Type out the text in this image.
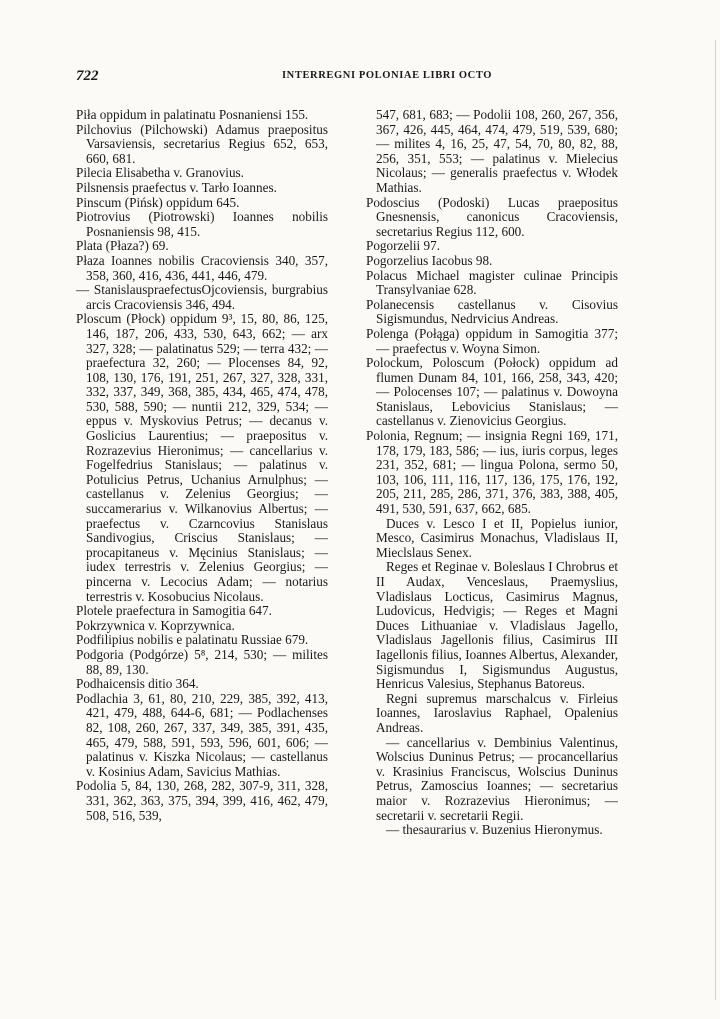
722	INTERREGNI POLONIAE LIBRI OCTO

Piła oppidum in palatinatu Posnaniensi 155.

Pilchovius (Pilchowski) Adamus praepositus Varsaviensis, secretarius Regius 652, 653, 660, 681.

Pilecia Elisabetha v. Granovius.

Pilsnensis praefectus v. Tarło Ioannes.

Pinscum (Pińsk) oppidum 645.

Piotrovius (Piotrowski) Ioannes nobilis Posnaniensis 98, 415.

Plata (Płaza?) 69.

Płaza Ioannes nobilis Cracoviensis 340, 357, 358, 360, 416, 436, 441, 446, 479.

— StanislauspraefectusOjcoviensis, burgrabius arcis Cracoviensis 346, 494.

Ploscum (Płock) oppidum 9³, 15, 80, 86, 125, 146, 187, 206, 433, 530, 643, 662; — arx 327, 328; — palatinatus 529; — terra 432; — praefectura 32, 260; — Plocenses 84, 92, 108, 130, 176, 191, 251, 267, 327, 328, 331, 332, 337, 349, 368, 385, 434, 465, 474, 478, 530, 588, 590; — nuntii 212, 329, 534; — eppus v. Myskovius Petrus; — decanus v. Goslicius Laurentius; — praepositus v. Rozrazevius Hieronimus; — cancellarius v. Fogelfedrius Stanislaus; — palatinus v. Potulicius Petrus, Uchanius Arnulphus; — castellanus v. Zelenius Georgius; — succamerarius v. Wilkanovius Albertus; — praefectus v. Czarncovius Stanislaus Sandivogius, Criscius Stanislaus; — procapitaneus v. Męcinius Stanislaus; — iudex terrestris v. Zelenius Georgius; — pincerna v. Lecocius Adam; — notarius terrestris v. Kosobucius Nicolaus.

Plotele praefectura in Samogitia 647.

Pokrzywnica v. Koprzywnica.

Podfilipius nobilis e palatinatu Russiae 679.

Podgoria (Podgórze) 5⁸, 214, 530; — milites 88, 89, 130.

Podhaicensis ditio 364.

Podlachia 3, 61, 80, 210, 229, 385, 392, 413, 421, 479, 488, 644-6, 681; — Podlachenses 82, 108, 260, 267, 337, 349, 385, 391, 435, 465, 479, 588, 591, 593, 596, 601, 606; — palatinus v. Kiszka Nicolaus; — castellanus v. Kosinius Adam, Savicius Mathias.

Podolia 5, 84, 130, 268, 282, 307-9, 311, 328, 331, 362, 363, 375, 394, 399, 416, 462, 479, 508, 516, 539,

547, 681, 683; — Podolii 108, 260, 267, 356, 367, 426, 445, 464, 474, 479, 519, 539, 680; — milites 4, 16, 25, 47, 54, 70, 80, 82, 88, 256, 351, 553; — palatinus v. Mielecius Nicolaus; — generalis praefectus v. Włodek Mathias.

Podoscius (Podoski) Lucas praepositus Gnesnensis, canonicus Cracoviensis, secretarius Regius 112, 600.

Pogorzelii 97.

Pogorzelius Iacobus 98.

Polacus Michael magister culinae Principis Transylvaniae 628.

Polanecensis castellanus v. Cisovius Sigismundus, Nedrvicius Andreas.

Polenga (Połąga) oppidum in Samogitia 377; — praefectus v. Woyna Simon.

Polockum, Poloscum (Połock) oppidum ad flumen Dunam 84, 101, 166, 258, 343, 420; — Polocenses 107; — palatinus v. Dowoyna Stanislaus, Lebovicius Stanislaus; — castellanus v. Zienovicius Georgius.

Polonia, Regnum; — insignia Regni 169, 171, 178, 179, 183, 586; — ius, iuris corpus, leges 231, 352, 681; — lingua Polona, sermo 50, 103, 106, 111, 116, 117, 136, 175, 176, 192, 205, 211, 285, 286, 371, 376, 383, 388, 405, 491, 530, 591, 637, 662, 685.

Duces v. Lesco I et II, Popielus iunior, Mesco, Casimirus Monachus, Vladislaus II, Mieclslaus Senex.

Reges et Reginae v. Boleslaus I Chrobrus et II Audax, Venceslaus, Praemyslius, Vladislaus Locticus, Casimirus Magnus, Ludovicus, Hedvigis; — Reges et Magni Duces Lithuaniae v. Vladislaus Jagello, Vladislaus Jagellonis filius, Casimirus III Iagellonis filius, Ioannes Albertus, Alexander, Sigismundus I, Sigismundus Augustus, Henricus Valesius, Stephanus Batoreus.

Regni supremus marschalcus v. Firleius Ioannes, Iaroslavius Raphael, Opalenius Andreas.

— cancellarius v. Dembinius Valentinus, Wolscius Duninus Petrus; — procancellarius v. Krasinius Franciscus, Wolscius Duninus Petrus, Zamoscius Ioannes; — secretarius maior v. Rozrazevius Hieronimus; — secretarii v. secretarii Regii.

— thesaurarius v. Buzenius Hieronymus.
